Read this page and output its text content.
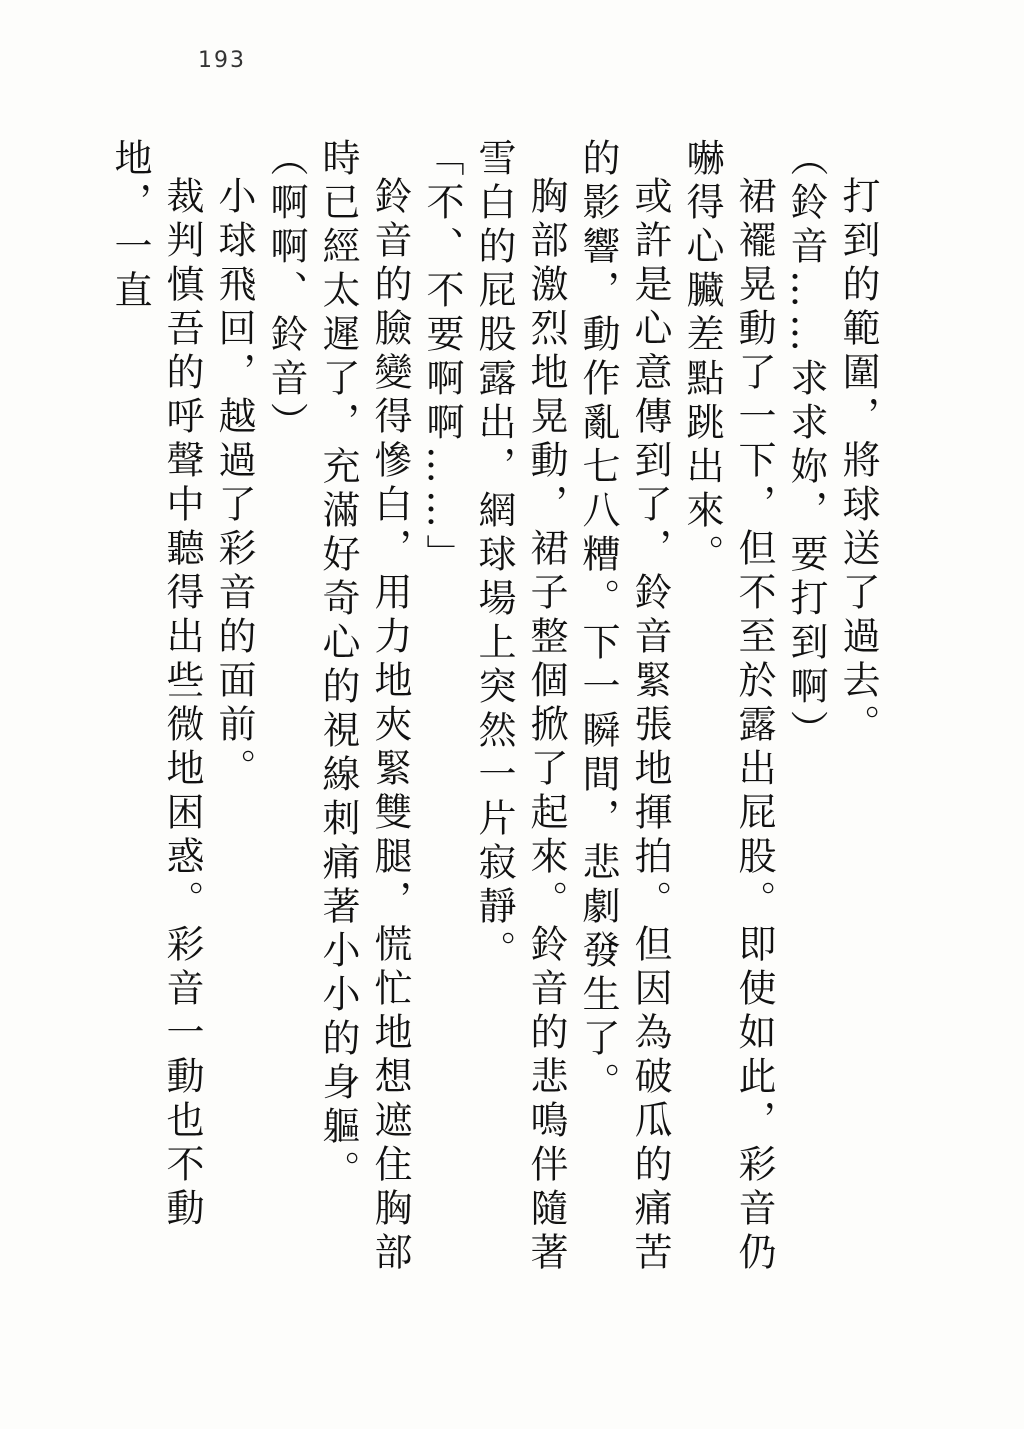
193

打到的範圍，將球送了過去。

（鈴音……求求妳，要打到啊）

裙襬晃動了一下，但不至於露出屁股。即使如此，彩音仍嚇得心臟差點跳出來。

或許是心意傳到了，鈴音緊張地揮拍。但因為破瓜的痛苦的影響，動作亂七八糟。下一瞬間，悲劇發生了。

胸部激烈地晃動，裙子整個掀了起來。鈴音的悲鳴伴隨著雪白的屁股露出，網球場上突然一片寂靜。

「不、不要啊啊……」

鈴音的臉變得慘白，用力地夾緊雙腿，慌忙地想遮住胸部時已經太遲了，充滿好奇心的視線刺痛著小小的身軀。

（啊啊、鈴音）

小球飛回，越過了彩音的面前。

裁判慎吾的呼聲中聽得出些微地困惑。彩音一動也不動地，一直
